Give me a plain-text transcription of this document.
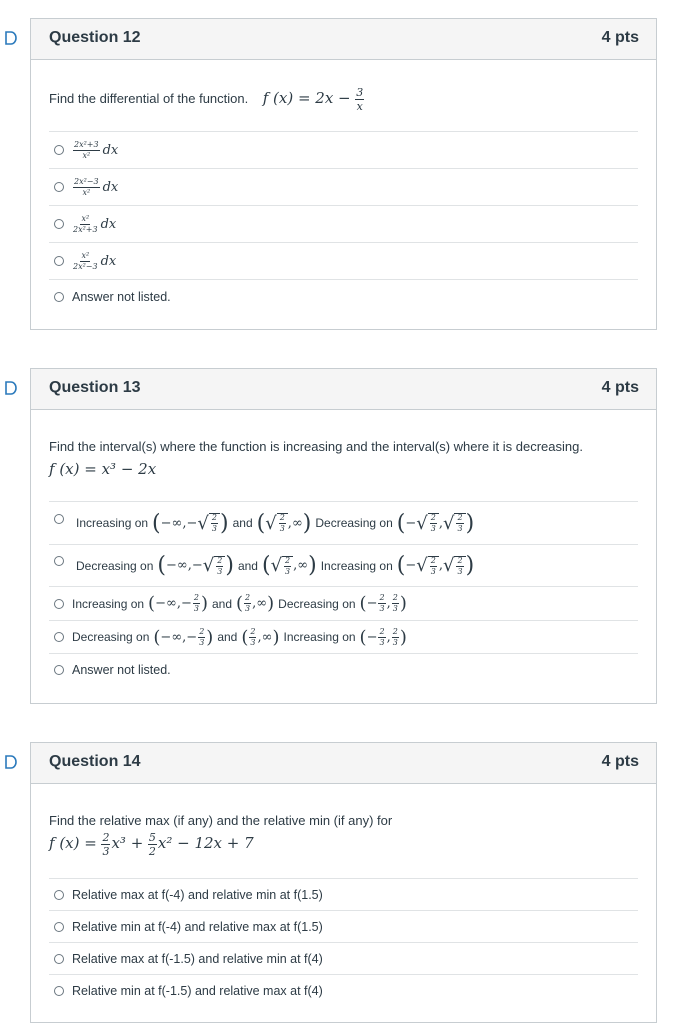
Question 12	4 pts
Find the differential of the function. f $(x) = 2x - \frac{3}{x}$
$\frac{\text{2x²+3}}{\text{x²}}$ dx
$\frac{\text{2x²−3}}{\text{x²}}$ dx
$\frac{\text{x²}}{\text{2x²+3}}$ dx
$\frac{\text{x²}}{\text{2x²−3}}$ dx
Answer not listed.
Question 13	4 pts
Find the interval(s) where the function is increasing and the interval(s) where it is decreasing.
f (x) = x³ − 2x
Increasing on ( −∞ , − √ $\frac{2}{3}$ ) and ( √ $\frac{2}{3}$ , ∞ ) Decreasing on ( − √ $\frac{2}{3}$ , √ $\frac{2}{3}$ )
Decreasing on ( −∞ , − √ $\frac{2}{3}$ ) and ( √ $\frac{2}{3}$ , ∞ ) Increasing on ( − √ $\frac{2}{3}$ , √ $\frac{2}{3}$ )
Increasing on ( −∞ , − $\frac{2}{3}$ ) and ( $\frac{2}{3}$ , ∞ ) Decreasing on ( − $\frac{2}{3}$ , $\frac{2}{3}$ )
Decreasing on ( −∞ , − $\frac{2}{3}$ ) and ( $\frac{2}{3}$ , ∞ ) Increasing on ( − $\frac{2}{3}$ , $\frac{2}{3}$ )
Answer not listed.
Question 14	4 pts
Find the relative max (if any) and the relative min (if any) for
f $(x) = \frac{2}{3} x^3 + \frac{5}{2} x^2 - 12x + 7$
Relative max at f(-4) and relative min at f(1.5)
Relative min at f(-4) and relative max at f(1.5)
Relative max at f(-1.5) and relative min at f(4)
Relative min at f(-1.5) and relative max at f(4)
